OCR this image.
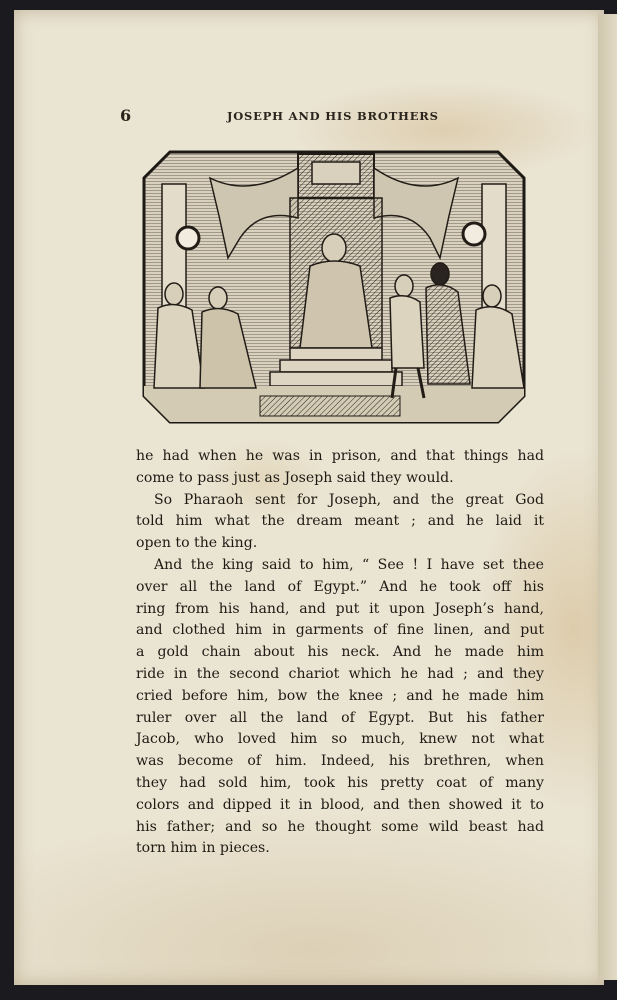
6	JOSEPH AND HIS BROTHERS
he had when he was in prison, and that things had
come to pass just as Joseph said they would.
So Pharaoh sent for Joseph, and the great God
told him what the dream meant ; and he laid it
open to the king.
And the king said to him, “ See ! I have set thee
over all the land of Egypt.” And he took off his
ring from his hand, and put it upon Joseph’s hand,
and clothed him in garments of fine linen, and put
a gold chain about his neck. And he made him
ride in the second chariot which he had ; and they
cried before him, bow the knee ; and he made him
ruler over all the land of Egypt. But his father
Jacob, who loved him so much, knew not what
was become of him. Indeed, his brethren, when
they had sold him, took his pretty coat of many
colors and dipped it in blood, and then showed it to
his father; and so he thought some wild beast had
torn him in pieces.
